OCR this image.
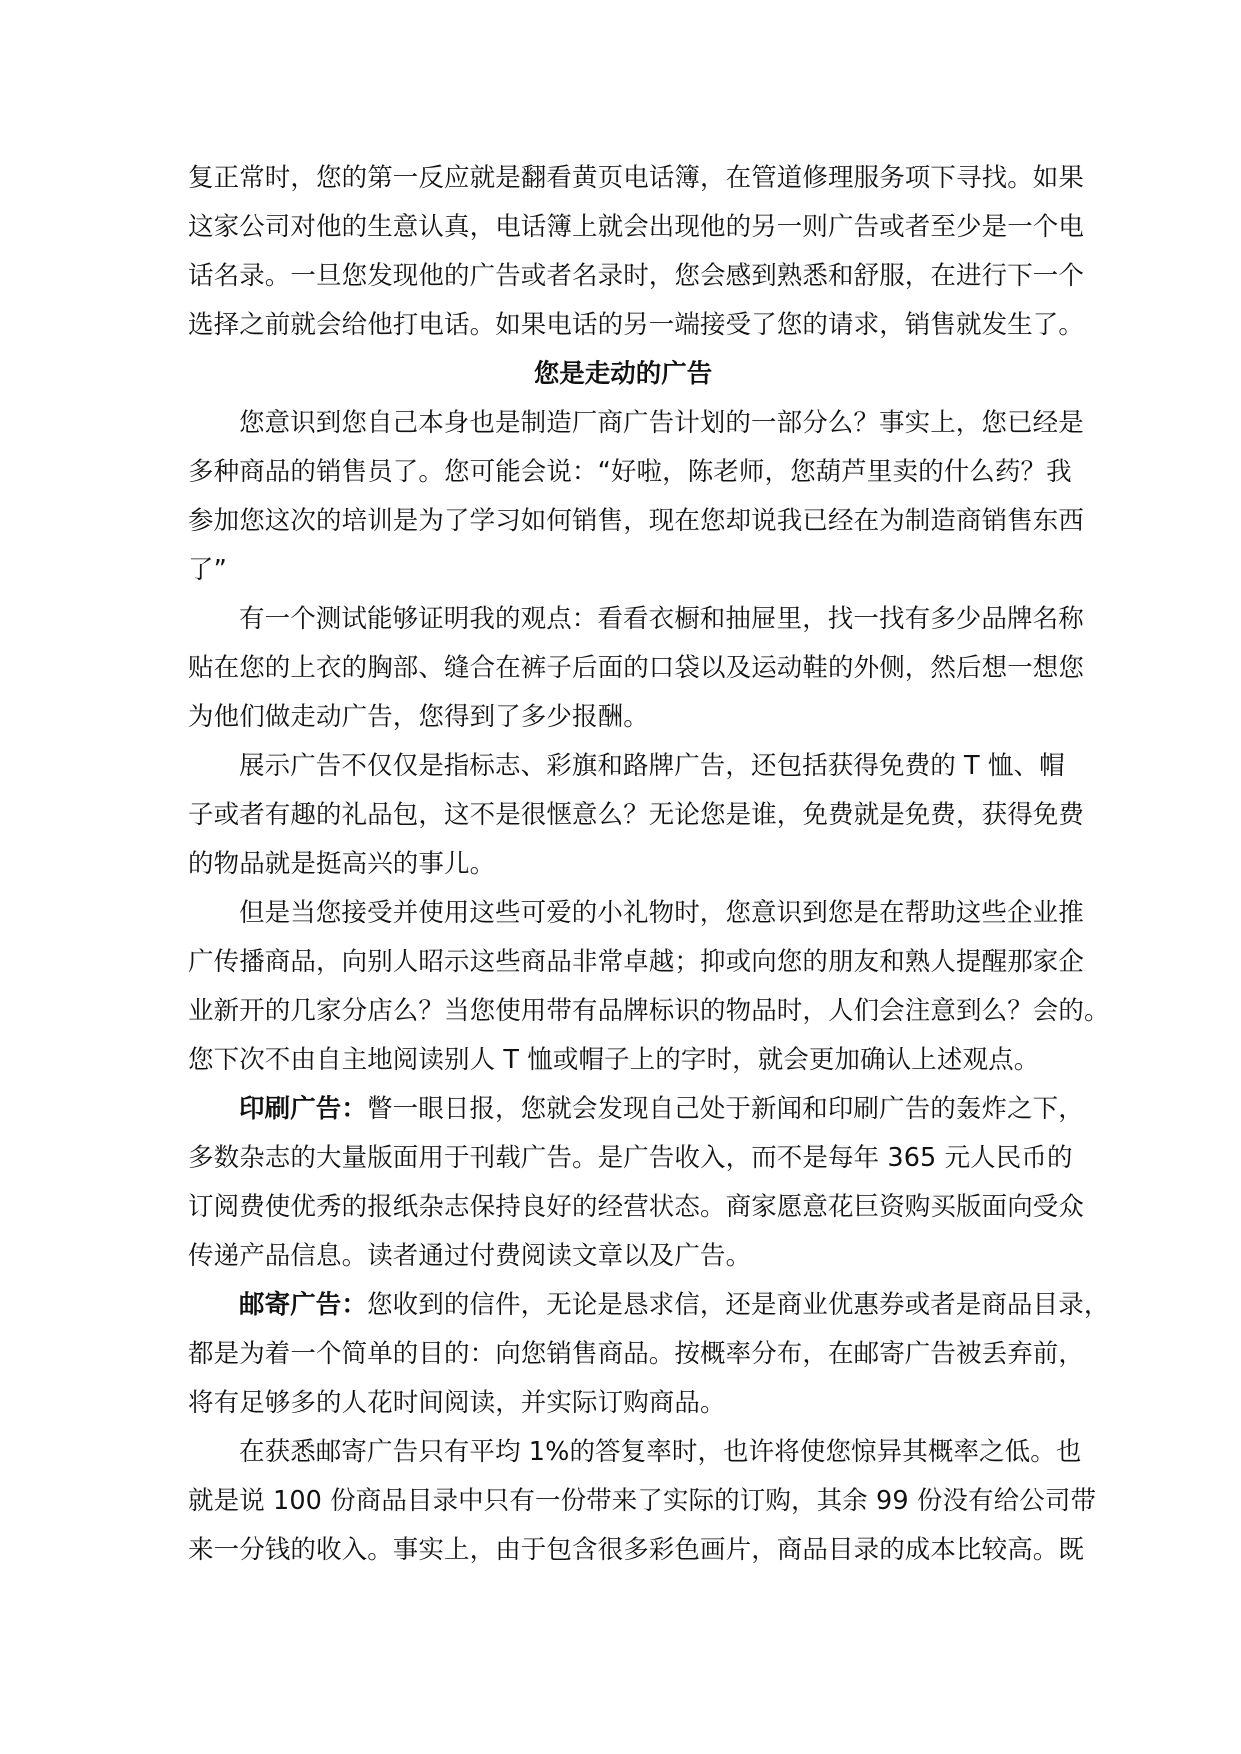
复正常时，您的第一反应就是翻看黄页电话簿，在管道修理服务项下寻找。如果

这家公司对他的生意认真，电话簿上就会出现他的另一则广告或者至少是一个电

话名录。一旦您发现他的广告或者名录时，您会感到熟悉和舒服，在进行下一个

选择之前就会给他打电话。如果电话的另一端接受了您的请求，销售就发生了。

您是走动的广告

您意识到您自己本身也是制造厂商广告计划的一部分么？事实上，您已经是

多种商品的销售员了。您可能会说：“好啦，陈老师，您葫芦里卖的什么药？我

参加您这次的培训是为了学习如何销售，现在您却说我已经在为制造商销售东西

了”

有一个测试能够证明我的观点：看看衣橱和抽屉里，找一找有多少品牌名称

贴在您的上衣的胸部、缝合在裤子后面的口袋以及运动鞋的外侧，然后想一想您

为他们做走动广告，您得到了多少报酬。

展示广告不仅仅是指标志、彩旗和路牌广告，还包括获得免费的 T 恤、帽

子或者有趣的礼品包，这不是很惬意么？无论您是谁，免费就是免费，获得免费

的物品就是挺高兴的事儿。

但是当您接受并使用这些可爱的小礼物时，您意识到您是在帮助这些企业推

广传播商品，向别人昭示这些商品非常卓越；抑或向您的朋友和熟人提醒那家企

业新开的几家分店么？当您使用带有品牌标识的物品时，人们会注意到么？会的。

您下次不由自主地阅读别人 T 恤或帽子上的字时，就会更加确认上述观点。

印刷广告：瞥一眼日报，您就会发现自己处于新闻和印刷广告的轰炸之下，

多数杂志的大量版面用于刊载广告。是广告收入，而不是每年 365 元人民币的

订阅费使优秀的报纸杂志保持良好的经营状态。商家愿意花巨资购买版面向受众

传递产品信息。读者通过付费阅读文章以及广告。

邮寄广告：您收到的信件，无论是恳求信，还是商业优惠券或者是商品目录，

都是为着一个简单的目的：向您销售商品。按概率分布，在邮寄广告被丢弃前，

将有足够多的人花时间阅读，并实际订购商品。

在获悉邮寄广告只有平均 1%的答复率时，也许将使您惊异其概率之低。也

就是说 100 份商品目录中只有一份带来了实际的订购，其余 99 份没有给公司带

来一分钱的收入。事实上，由于包含很多彩色画片，商品目录的成本比较高。既
